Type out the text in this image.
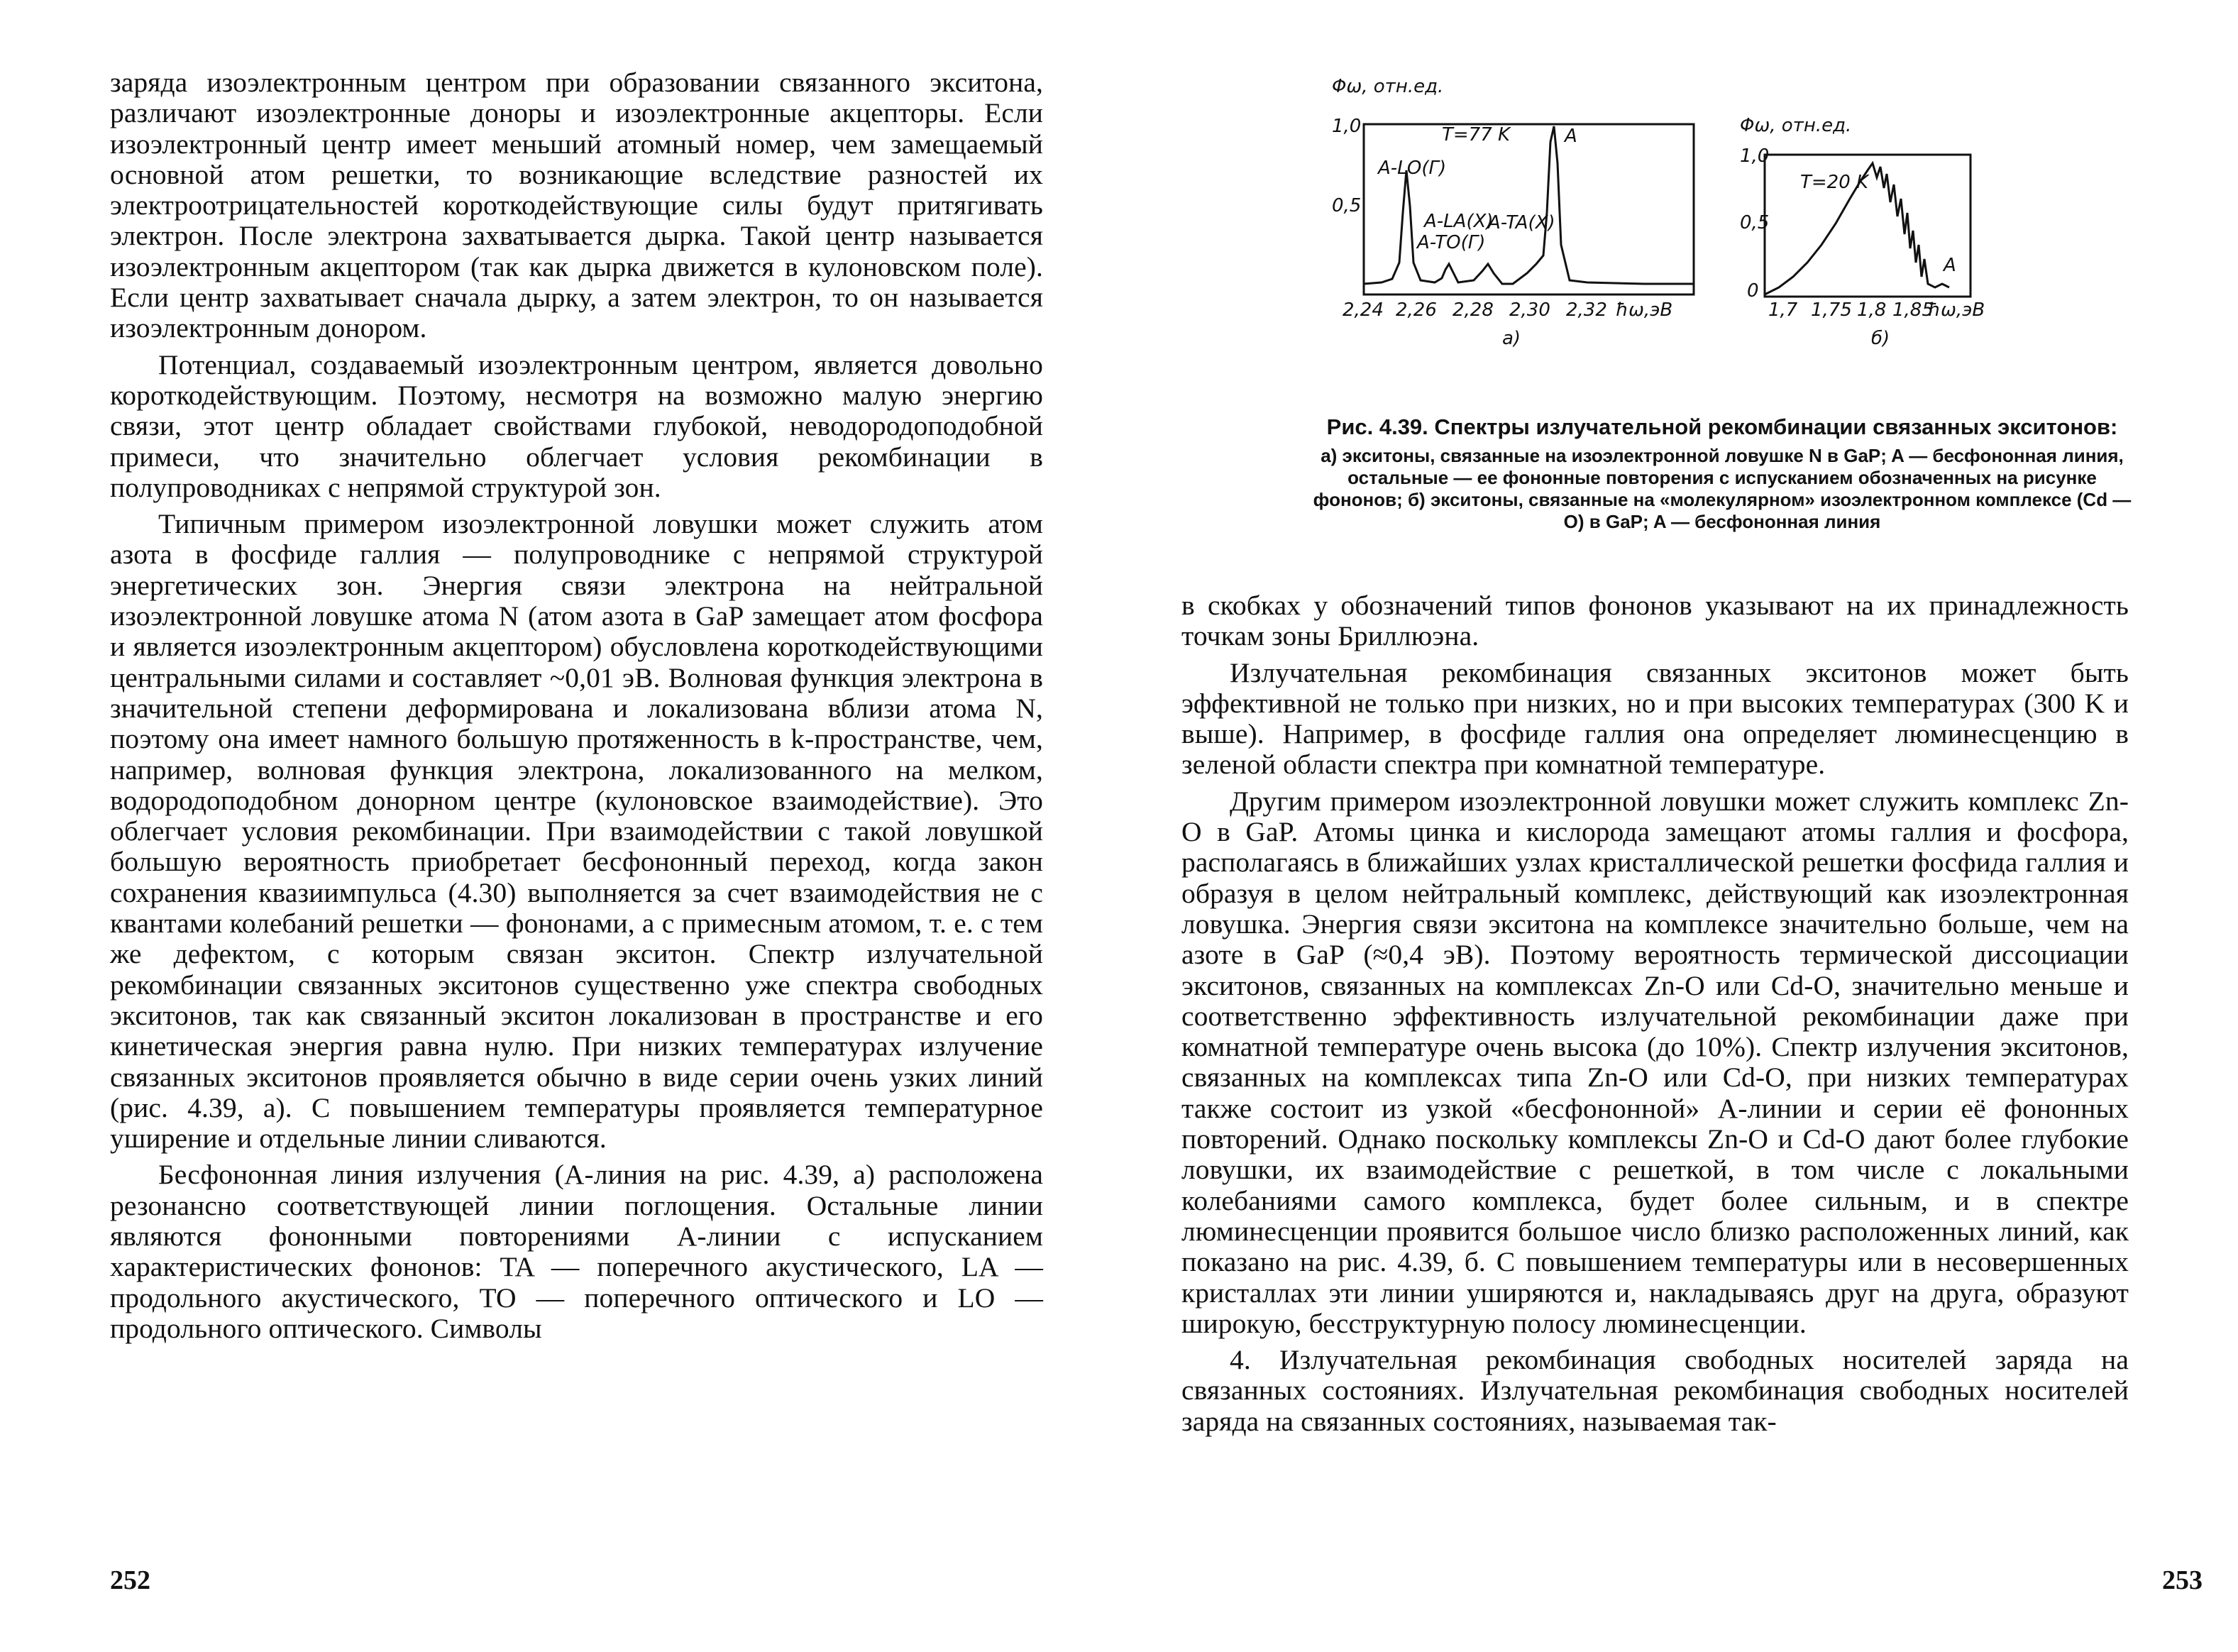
заряда изоэлектронным центром при образовании связанного экситона, различают изоэлектронные доноры и изоэлектронные акцепторы. Если изоэлектронный центр имеет меньший атомный номер, чем замещаемый основной атом решетки, то возникающие вследствие разностей их электроотрицательностей короткодействующие силы будут притягивать электрон. После электрона захватывается дырка. Такой центр называется изоэлектронным акцептором (так как дырка движется в кулоновском поле). Если центр захватывает сначала дырку, а затем электрон, то он называется изоэлектронным донором.

Потенциал, создаваемый изоэлектронным центром, является довольно короткодействующим. Поэтому, несмотря на возможно малую энергию связи, этот центр обладает свойствами глубокой, неводородоподобной примеси, что значительно облегчает условия рекомбинации в полупроводниках с непрямой структурой зон.

Типичным примером изоэлектронной ловушки может служить атом азота в фосфиде галлия — полупроводнике с непрямой структурой энергетических зон. Энергия связи электрона на нейтральной изоэлектронной ловушке атома N (атом азота в GaP замещает атом фосфора и является изоэлектронным акцептором) обусловлена короткодействующими центральными силами и составляет ~0,01 эВ. Волновая функция электрона в значительной степени деформирована и локализована вблизи атома N, поэтому она имеет намного большую протяженность в k-пространстве, чем, например, волновая функция электрона, локализованного на мелком, водородоподобном донорном центре (кулоновское взаимодействие). Это облегчает условия рекомбинации. При взаимодействии с такой ловушкой большую вероятность приобретает бесфононный переход, когда закон сохранения квазиимпульса (4.30) выполняется за счет взаимодействия не с квантами колебаний решетки — фононами, а с примесным атомом, т. е. с тем же дефектом, с которым связан экситон. Спектр излучательной рекомбинации связанных экситонов существенно уже спектра свободных экситонов, так как связанный экситон локализован в пространстве и его кинетическая энергия равна нулю. При низких температурах излучение связанных экситонов проявляется обычно в виде серии очень узких линий (рис. 4.39, а). С повышением температуры проявляется температурное уширение и отдельные линии сливаются.

Бесфононная линия излучения (А-линия на рис. 4.39, а) расположена резонансно соответствующей линии поглощения. Остальные линии являются фононными повторениями А-линии с испусканием характеристических фононов: TA — поперечного акустического, LA — продольного акустического, TO — поперечного оптического и LO — продольного оптического. Символы

252
Φω, отн.ед.
1,0
0,5
T=77 K
A-LO(Г)
A-LA(X)
A-TO(Г)
A-TA(X)
A
2,24 2,26 2,28 2,30 2,32 ħω,эВ
а)
Φω, отн.ед.
1,0
0,5
0
T=20 K
A
1,7 1,75 1,8 1,85
ħω,эВ
б)

Рис. 4.39. Спектры излучательной рекомбинации связанных экситонов:

а) экситоны, связанные на изоэлектронной ловушке N в GaP; A — бесфононная линия, остальные — ее фононные повторения с испусканием обозначенных на рисунке фононов; б) экситоны, связанные на «молекулярном» изоэлектронном комплексе (Cd — O) в GaP; A — бесфононная линия

в скобках у обозначений типов фононов указывают на их принадлежность точкам зоны Бриллюэна.

Излучательная рекомбинация связанных экситонов может быть эффективной не только при низких, но и при высоких температурах (300 K и выше). Например, в фосфиде галлия она определяет люминесценцию в зеленой области спектра при комнатной температуре.

Другим примером изоэлектронной ловушки может служить комплекс Zn-O в GaP. Атомы цинка и кислорода замещают атомы галлия и фосфора, располагаясь в ближайших узлах кристаллической решетки фосфида галлия и образуя в целом нейтральный комплекс, действующий как изоэлектронная ловушка. Энергия связи экситона на комплексе значительно больше, чем на азоте в GaP (≈0,4 эВ). Поэтому вероятность термической диссоциации экситонов, связанных на комплексах Zn-O или Cd-O, значительно меньше и соответственно эффективность излучательной рекомбинации даже при комнатной температуре очень высока (до 10%). Спектр излучения экситонов, связанных на комплексах типа Zn-O или Cd-O, при низких температурах также состоит из узкой «бесфононной» А-линии и серии её фононных повторений. Однако поскольку комплексы Zn-O и Cd-O дают более глубокие ловушки, их взаимодействие с решеткой, в том числе с локальными колебаниями самого комплекса, будет более сильным, и в спектре люминесценции проявится большое число близко расположенных линий, как показано на рис. 4.39, б. С повышением температуры или в несовершенных кристаллах эти линии уширяются и, накладываясь друг на друга, образуют широкую, бесструктурную полосу люминесценции.

4. Излучательная рекомбинация свободных носителей заряда на связанных состояниях. Излучательная рекомбинация свободных носителей заряда на связанных состояниях, называемая так-

253
